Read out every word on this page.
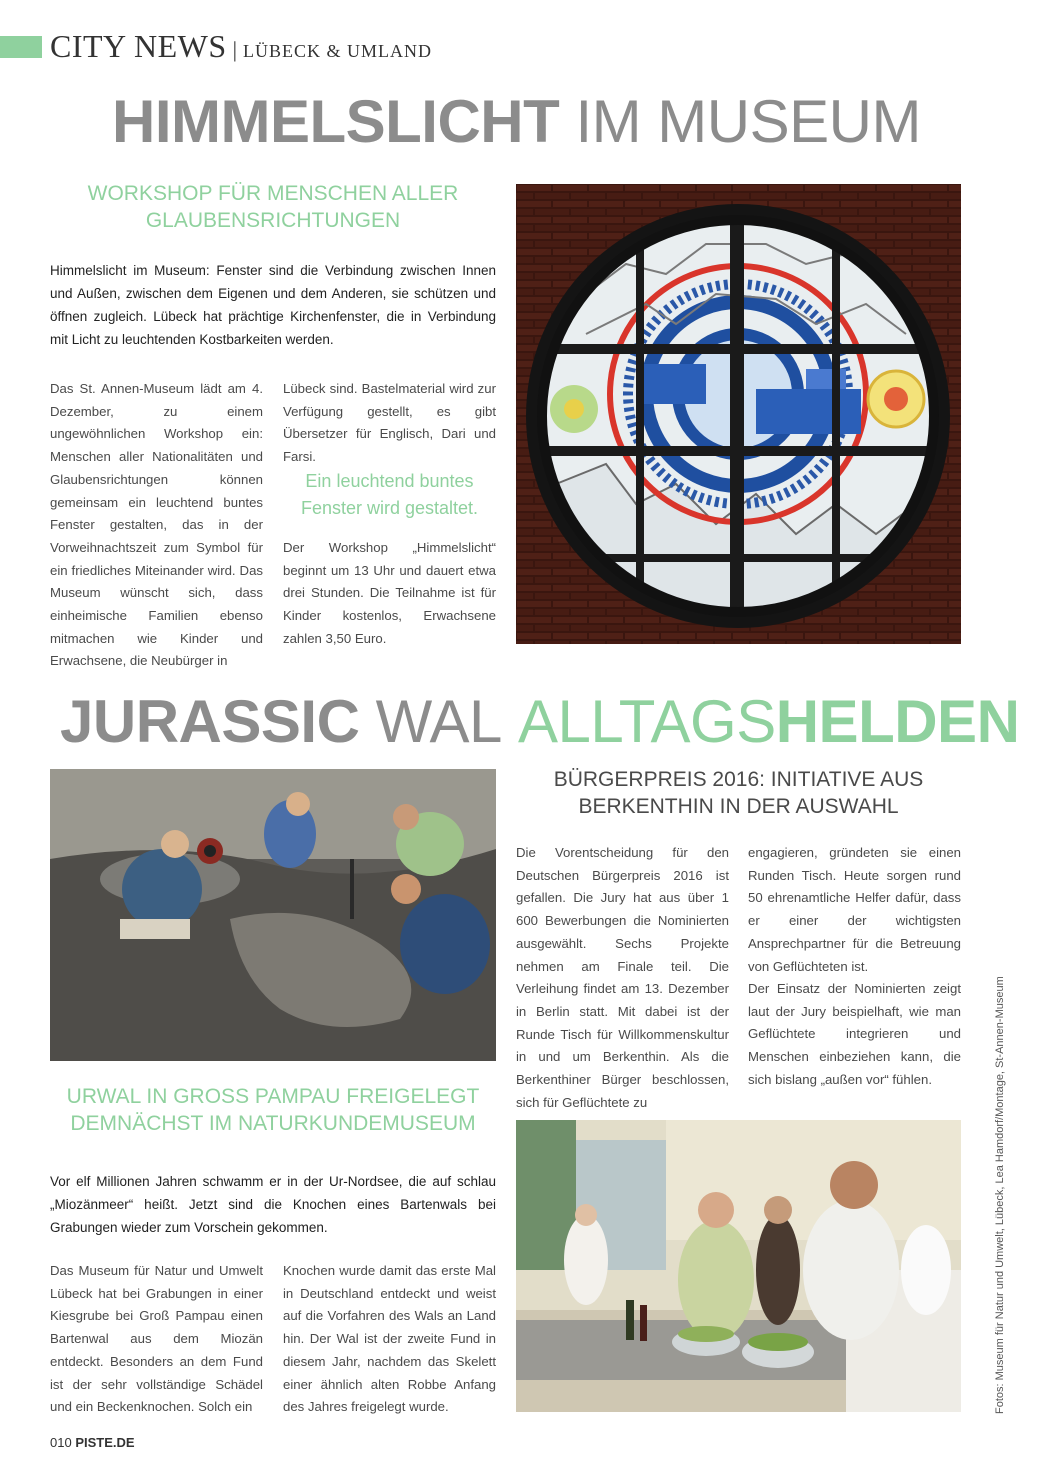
CITY NEWS | LÜBECK & UMLAND
HIMMELSLICHT IM MUSEUM
WORKSHOP FÜR MENSCHEN ALLER GLAUBENSRICHTUNGEN

Himmelslicht im Museum: Fenster sind die Verbindung zwischen Innen und Außen, zwischen dem Eigenen und dem Anderen, sie schützen und öffnen zugleich. Lübeck hat prächtige Kirchenfenster, die in Verbindung mit Licht zu leuchtenden Kostbarkeiten werden.

Das St. Annen-Museum lädt am 4. Dezember, zu einem ungewöhnlichen Workshop ein: Menschen aller Nationalitäten und Glaubensrichtungen können gemeinsam ein leuchtend buntes Fenster gestalten, das in der Vorweihnachtszeit zum Symbol für ein friedliches Miteinander wird. Das Museum wünscht sich, dass einheimische Familien ebenso mitmachen wie Kinder und Erwachsene, die Neubürger in

Lübeck sind. Bastelmaterial wird zur Verfügung gestellt, es gibt Übersetzer für Englisch, Dari und Farsi.

Ein leuchtend buntes Fenster wird gestaltet.

Der Workshop „Himmelslicht“ beginnt um 13 Uhr und dauert etwa drei Stunden. Die Teilnahme ist für Kinder kostenlos, Erwachsene zahlen 3,50 Euro.

JURASSIC WAL ALLTAGSHELDEN
URWAL IN GROSS PAMPAU FREIGELEGT DEMNÄCHST IM NATURKUNDEMUSEUM

Vor elf Millionen Jahren schwamm er in der Ur-Nordsee, die auf schlau „Miozänmeer“ heißt. Jetzt sind die Knochen eines Bartenwals bei Grabungen wieder zum Vorschein gekommen.

Das Museum für Natur und Umwelt Lübeck hat bei Grabungen in einer Kiesgrube bei Groß Pampau einen Bartenwal aus dem Miozän entdeckt. Besonders an dem Fund ist der sehr vollständige Schädel und ein Beckenknochen. Solch ein

Knochen wurde damit das erste Mal in Deutschland entdeckt und weist auf die Vorfahren des Wals an Land hin. Der Wal ist der zweite Fund in diesem Jahr, nachdem das Skelett einer ähnlich alten Robbe Anfang des Jahres freigelegt wurde.

BÜRGERPREIS 2016: INITIATIVE AUS BERKENTHIN IN DER AUSWAHL

Die Vorentscheidung für den Deutschen Bürgerpreis 2016 ist gefallen. Die Jury hat aus über 1 600 Bewerbungen die Nominierten ausgewählt. Sechs Projekte nehmen am Finale teil. Die Verleihung findet am 13. Dezember in Berlin statt. Mit dabei ist der Runde Tisch für Willkommenskultur in und um Berkenthin. Als die Berkenthiner Bürger beschlossen, sich für Geflüchtete zu

engagieren, gründeten sie einen Runden Tisch. Heute sorgen rund 50 ehrenamtliche Helfer dafür, dass er einer der wichtigsten Ansprechpartner für die Betreuung von Geflüchteten ist.

Der Einsatz der Nominierten zeigt laut der Jury beispielhaft, wie man Geflüchtete integrieren und Menschen einbeziehen kann, die sich bislang „außen vor“ fühlen.	Fotos: Museum für Natur und Umwelt, Lübeck, Lea Hamdorf/Montage, St-Annen-Museum
010 PISTE.DE
